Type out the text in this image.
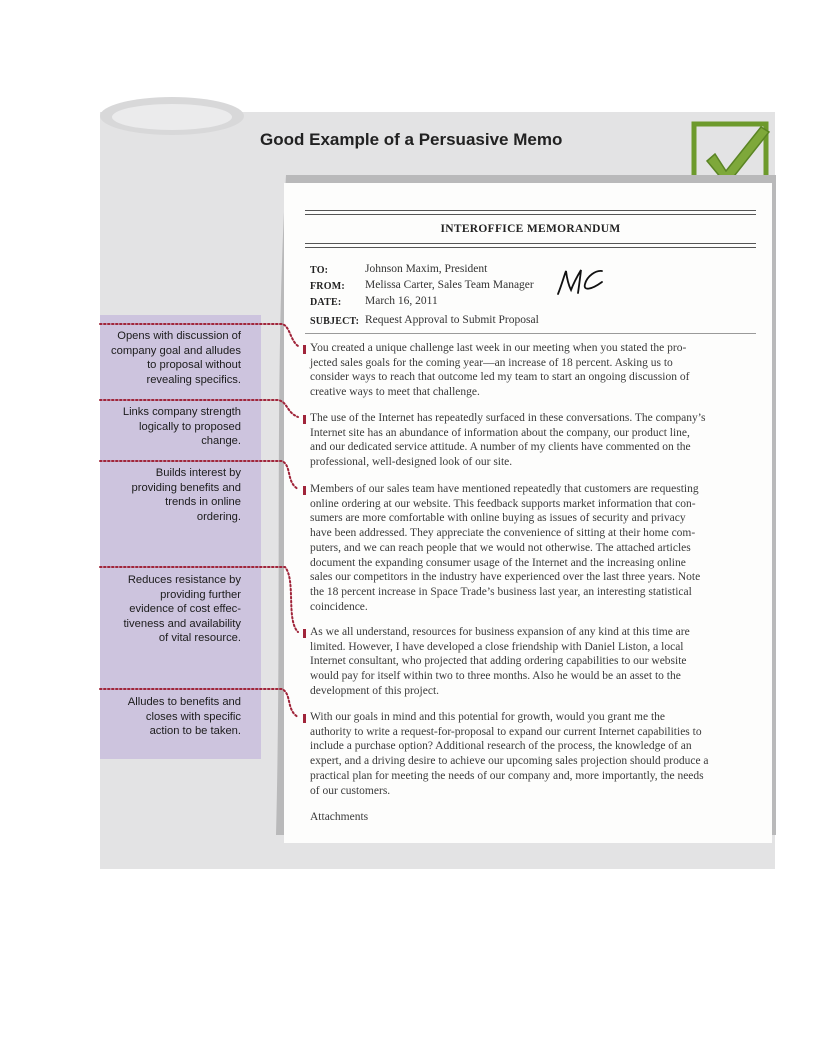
Good Example of a Persuasive Memo
Opens with discussion of
company goal and alludes
to proposal without
revealing specifics.
Links company strength
logically to proposed
change.
Builds interest by
providing benefits and
trends in online
ordering.
Reduces resistance by
providing further
evidence of cost effec-
tiveness and availability
of vital resource.
Alludes to benefits and
closes with specific
action to be taken.
INTEROFFICE MEMORANDUM
TO:	Johnson Maxim, President
FROM: Melissa Carter, Sales Team Manager
DATE: March 16, 2011
SUBJECT: Request Approval to Submit Proposal
You created a unique challenge last week in our meeting when you stated the pro-
jected sales goals for the coming year—an increase of 18 percent. Asking us to
consider ways to reach that outcome led my team to start an ongoing discussion of
creative ways to meet that challenge.
The use of the Internet has repeatedly surfaced in these conversations. The company’s
Internet site has an abundance of information about the company, our product line,
and our dedicated service attitude. A number of my clients have commented on the
professional, well-designed look of our site.
Members of our sales team have mentioned repeatedly that customers are requesting
online ordering at our website. This feedback supports market information that con-
sumers are more comfortable with online buying as issues of security and privacy
have been addressed. They appreciate the convenience of sitting at their home com-
puters, and we can reach people that we would not otherwise. The attached articles
document the expanding consumer usage of the Internet and the increasing online
sales our competitors in the industry have experienced over the last three years. Note
the 18 percent increase in Space Trade’s business last year, an interesting statistical
coincidence.
As we all understand, resources for business expansion of any kind at this time are
limited. However, I have developed a close friendship with Daniel Liston, a local
Internet consultant, who projected that adding ordering capabilities to our website
would pay for itself within two to three months. Also he would be an asset to the
development of this project.
With our goals in mind and this potential for growth, would you grant me the
authority to write a request-for-proposal to expand our current Internet capabilities to
include a purchase option? Additional research of the process, the knowledge of an
expert, and a driving desire to achieve our upcoming sales projection should produce a
practical plan for meeting the needs of our company and, more importantly, the needs
of our customers.
Attachments
